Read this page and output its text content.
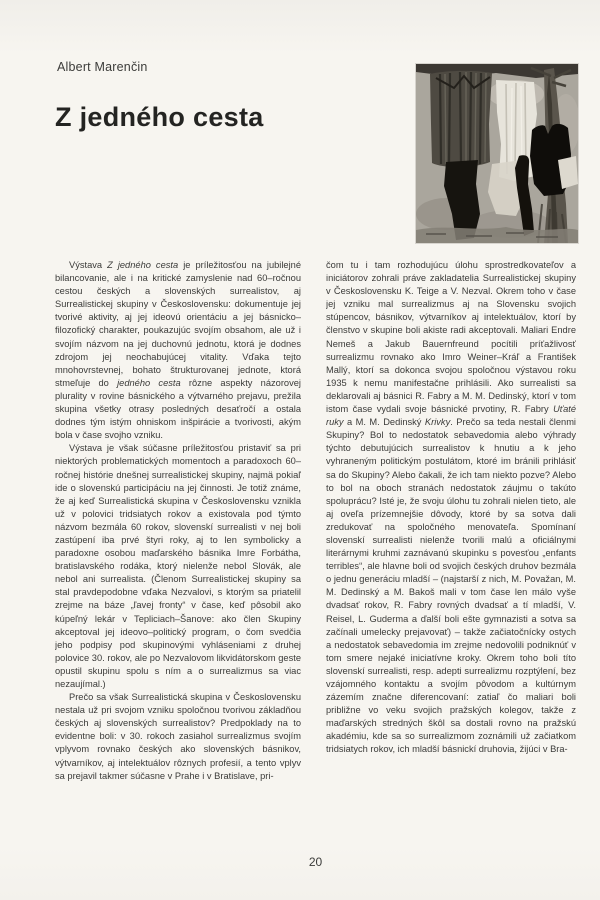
Albert Marenčin
Z jedného cesta

Výstava Z jedného cesta je príležitosťou na jubilejné bilancovanie, ale i na kritické zamyslenie nad 60–ročnou cestou českých a slovenských surrealistov, aj Surrealistickej skupiny v Československu: dokumentuje jej tvorivé aktivity, aj jej ideovú orientáciu a jej básnicko–filozofický charakter, poukazujúc svojím obsahom, ale už i svojím názvom na jej duchovnú jednotu, ktorá je dodnes zdrojom jej neochabujúcej vitality. Vďaka tejto mnohovrstevnej, bohato štrukturovanej jednote, ktorá stmeľuje do jedného cesta rôzne aspekty názorovej plurality v rovine básnického a výtvarného prejavu, prežila skupina všetky otrasy posledných desaťročí a ostala dodnes tým istým ohniskom inšpirácie a tvorivosti, akým bola v čase svojho vzniku.

Výstava je však súčasne príležitosťou pristaviť sa pri niektorých problematických momentoch a paradoxoch 60–ročnej histórie dnešnej surrealistickej skupiny, najmä pokiaľ ide o slovenskú participáciu na jej činnosti. Je totiž známe, že aj keď Surrealistická skupina v Československu vznikla už v polovici tridsiatych rokov a existovala pod týmto názvom bezmála 60 rokov, slovenskí surrealisti v nej boli zastúpení iba prvé štyri roky, aj to len symbolicky a paradoxne osobou maďarského básnika Imre Forbátha, bratislavského rodáka, ktorý nielenže nebol Slovák, ale nebol ani surrealista. (Členom Surrealistickej skupiny sa stal pravdepodobne vďaka Nezvalovi, s ktorým sa priatelil zrejme na báze „ľavej fronty“ v čase, keď pôsobil ako kúpeľný lekár v Tepliciach–Šanove: ako člen Skupiny akceptoval jej ideovo–politický program, o čom svedčia jeho podpisy pod skupinovými vyhláseniami z druhej polovice 30. rokov, ale po Nezvalovom likvidátorskom geste opustil skupinu spolu s ním a o surrealizmus sa viac nezaujímal.)

Prečo sa však Surrealistická skupina v Československu nestala už pri svojom vzniku spoločnou tvorivou základňou českých aj slovenských surrealistov? Predpoklady na to evidentne boli: v 30. rokoch zasiahol surrealizmus svojím vplyvom rovnako českých ako slovenských básnikov, výtvarníkov, aj intelektuálov rôznych profesií, a tento vplyv sa prejavil takmer súčasne v Prahe i v Bratislave, pri-

čom tu i tam rozhodujúcu úlohu sprostredkovateľov a iniciátorov zohrali práve zakladatelia Surrealistickej skupiny v Československu K. Teige a V. Nezval. Okrem toho v čase jej vzniku mal surrealizmus aj na Slovensku svojich stúpencov, básnikov, výtvarníkov aj intelektuálov, ktorí by členstvo v skupine boli akiste radi akceptovali. Maliari Endre Nemeš a Jakub Bauernfreund pocítili príťažlivosť surrealizmu rovnako ako Imro Weiner–Kráľ a František Mallý, ktorí sa dokonca svojou spoločnou výstavou roku 1935 k nemu manifestačne prihlásili. Ako surrealisti sa deklarovali aj básnici R. Fabry a M. M. Dedinský, ktorí v tom istom čase vydali svoje básnické prvotiny, R. Fabry Uťaté ruky a M. M. Dedinský Krivky. Prečo sa teda nestali členmi Skupiny? Bol to nedostatok sebavedomia alebo výhrady týchto debutujúcich surrealistov k hnutiu a k jeho vyhraneným politickým postulátom, ktoré im bránili prihlásiť sa do Skupiny? Alebo čakali, že ich tam niekto pozve? Alebo to bol na oboch stranách nedostatok záujmu o takúto spoluprácu? Isté je, že svoju úlohu tu zohrali nielen tieto, ale aj oveľa prízemnejšie dôvody, ktoré by sa sotva dali zredukovať na spoločného menovateľa. Spomínaní slovenskí surrealisti nielenže tvorili malú a oficiálnymi literárnymi kruhmi zaznávanú skupinku s povesťou „enfants terribles“, ale hlavne boli od svojich českých druhov bezmála o jednu generáciu mladší – (najstarší z nich, M. Považan, M. M. Dedinský a M. Bakoš mali v tom čase len málo vyše dvadsať rokov, R. Fabry rovných dvadsať a tí mladší, V. Reisel, L. Guderma a ďalší boli ešte gymnazisti a sotva sa začínali umelecky prejavovať) – takže začiatočnícky ostych a nedostatok sebavedomia im zrejme nedovolili podniknúť v tom smere nejaké iniciatívne kroky. Okrem toho boli títo slovenskí surrealisti, resp. adepti surrealizmu rozptýlení, bez vzájomného kontaktu a svojím pôvodom a kultúrnym zázemím značne diferencovaní: zatiaľ čo maliari boli približne vo veku svojich pražských kolegov, takže z maďarských stredných škôl sa dostali rovno na pražskú akadémiu, kde sa so surrealizmom zoznámili už začiatkom tridsiatych rokov, ich mladší básnickí druhovia, žijúci v Bra-

20
